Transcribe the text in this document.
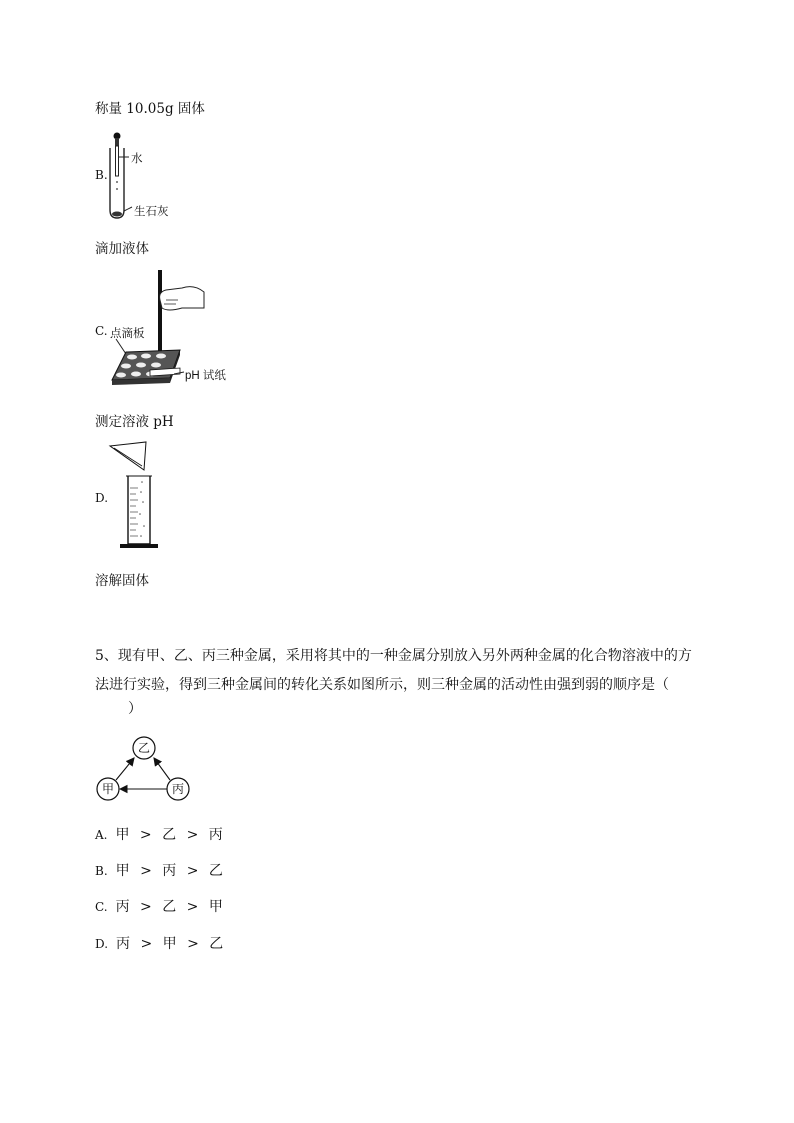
称量 10.05g 固体
B.
水
生石灰
滴加液体
C. 点滴板
pH 试纸
测定溶液 pH
D.
溶解固体
5、现有甲、乙、丙三种金属，采用将其中的一种金属分别放入另外两种金属的化合物溶液中的方
法进行实验，得到三种金属间的转化关系如图所示，则三种金属的活动性由强到弱的顺序是（
）
乙
甲	丙
A. 甲 > 乙 > 丙
B. 甲 > 丙 > 乙
C. 丙 > 乙 > 甲
D. 丙 > 甲 > 乙
